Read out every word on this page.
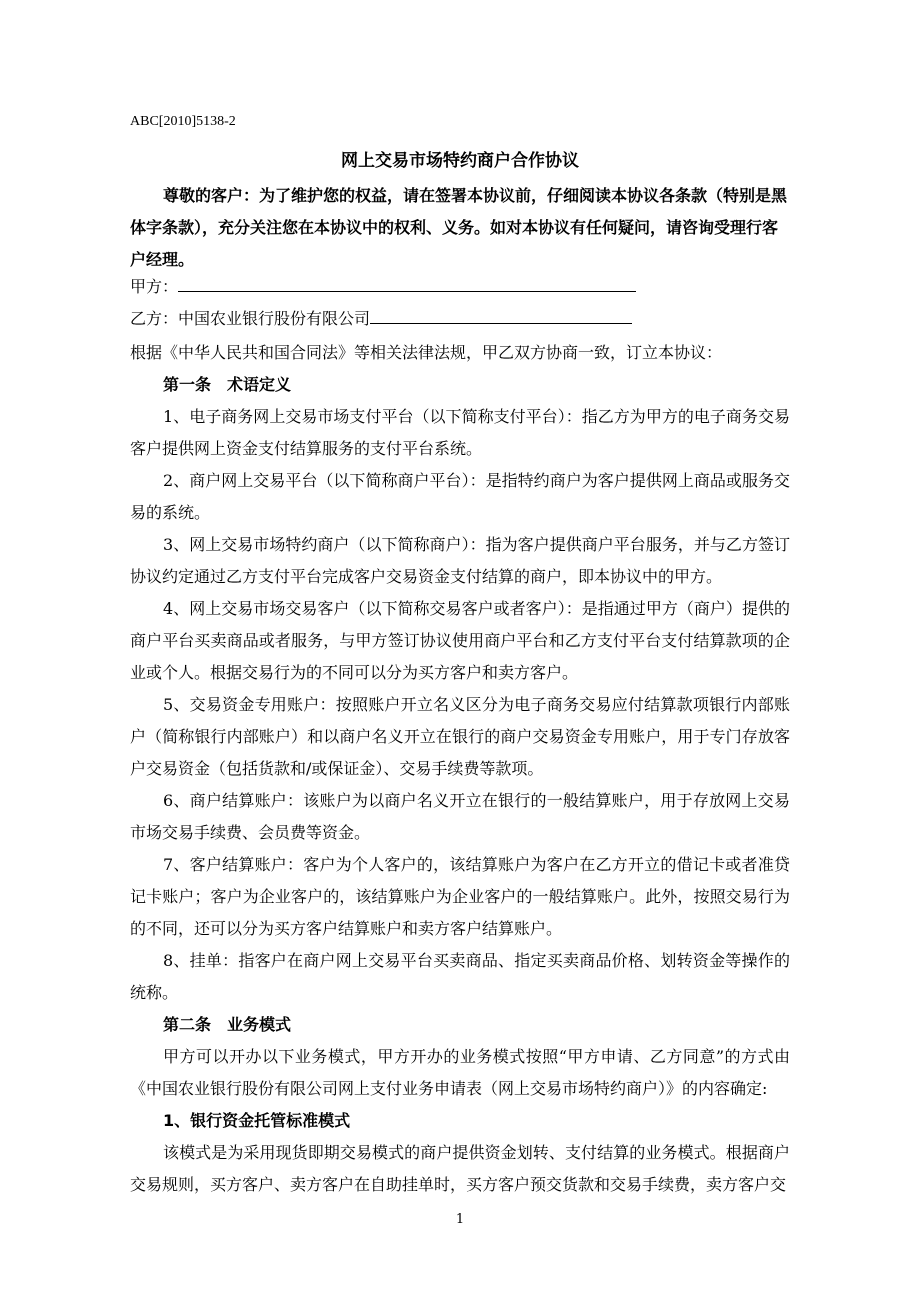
ABC[2010]5138-2
网上交易市场特约商户合作协议

尊敬的客户：为了维护您的权益，请在签署本协议前，仔细阅读本协议各条款（特别是黑体字条款），充分关注您在本协议中的权利、义务。如对本协议有任何疑问，请咨询受理行客户经理。

甲方：
乙方：中国农业银行股份有限公司

根据《中华人民共和国合同法》等相关法律法规，甲乙双方协商一致，订立本协议：

第一条　术语定义

1、电子商务网上交易市场支付平台（以下简称支付平台）：指乙方为甲方的电子商务交易客户提供网上资金支付结算服务的支付平台系统。

2、商户网上交易平台（以下简称商户平台）：是指特约商户为客户提供网上商品或服务交易的系统。

3、网上交易市场特约商户（以下简称商户）：指为客户提供商户平台服务，并与乙方签订协议约定通过乙方支付平台完成客户交易资金支付结算的商户，即本协议中的甲方。

4、网上交易市场交易客户（以下简称交易客户或者客户）：是指通过甲方（商户）提供的商户平台买卖商品或者服务，与甲方签订协议使用商户平台和乙方支付平台支付结算款项的企业或个人。根据交易行为的不同可以分为买方客户和卖方客户。

5、交易资金专用账户：按照账户开立名义区分为电子商务交易应付结算款项银行内部账户（简称银行内部账户）和以商户名义开立在银行的商户交易资金专用账户，用于专门存放客户交易资金（包括货款和/或保证金）、交易手续费等款项。

6、商户结算账户：该账户为以商户名义开立在银行的一般结算账户，用于存放网上交易市场交易手续费、会员费等资金。

7、客户结算账户：客户为个人客户的，该结算账户为客户在乙方开立的借记卡或者准贷记卡账户；客户为企业客户的，该结算账户为企业客户的一般结算账户。此外，按照交易行为的不同，还可以分为买方客户结算账户和卖方客户结算账户。

8、挂单：指客户在商户网上交易平台买卖商品、指定买卖商品价格、划转资金等操作的统称。

第二条　业务模式

甲方可以开办以下业务模式，甲方开办的业务模式按照“甲方申请、乙方同意”的方式由《中国农业银行股份有限公司网上支付业务申请表（网上交易市场特约商户）》的内容确定:

1、银行资金托管标准模式

该模式是为采用现货即期交易模式的商户提供资金划转、支付结算的业务模式。根据商户交易规则，买方客户、卖方客户在自助挂单时，买方客户预交货款和交易手续费，卖方客户交

1
